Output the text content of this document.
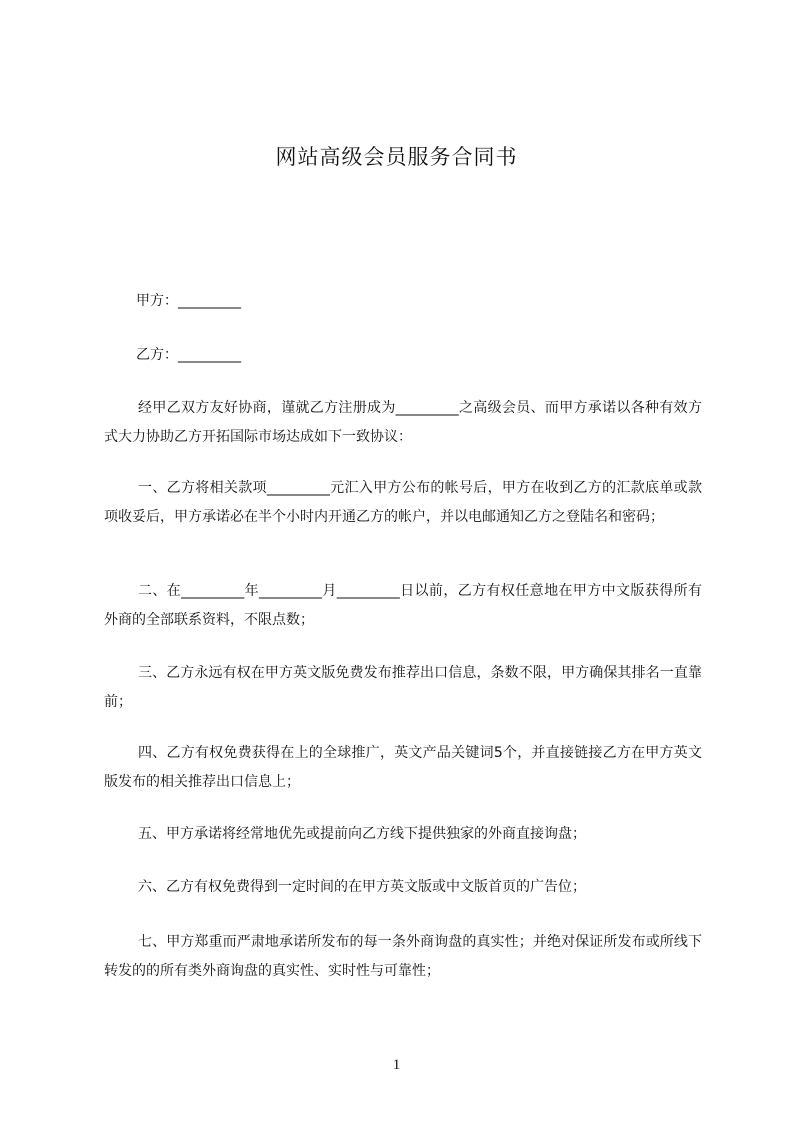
网站高级会员服务合同书
甲方：_________
乙方：_________
经甲乙双方友好协商，谨就乙方注册成为_________之高级会员、而甲方承诺以各种有效方式大力协助乙方开拓国际市场达成如下一致协议：
一、乙方将相关款项_________元汇入甲方公布的帐号后，甲方在收到乙方的汇款底单或款项收妥后，甲方承诺必在半个小时内开通乙方的帐户，并以电邮通知乙方之登陆名和密码；
二、在_________年_________月_________日以前，乙方有权任意地在甲方中文版获得所有外商的全部联系资料，不限点数；
三、乙方永远有权在甲方英文版免费发布推荐出口信息，条数不限，甲方确保其排名一直靠前；
四、乙方有权免费获得在上的全球推广，英文产品关键词5个，并直接链接乙方在甲方英文版发布的相关推荐出口信息上；
五、甲方承诺将经常地优先或提前向乙方线下提供独家的外商直接询盘；
六、乙方有权免费得到一定时间的在甲方英文版或中文版首页的广告位；
七、甲方郑重而严肃地承诺所发布的每一条外商询盘的真实性；并绝对保证所发布或所线下转发的的所有类外商询盘的真实性、实时性与可靠性；
1
